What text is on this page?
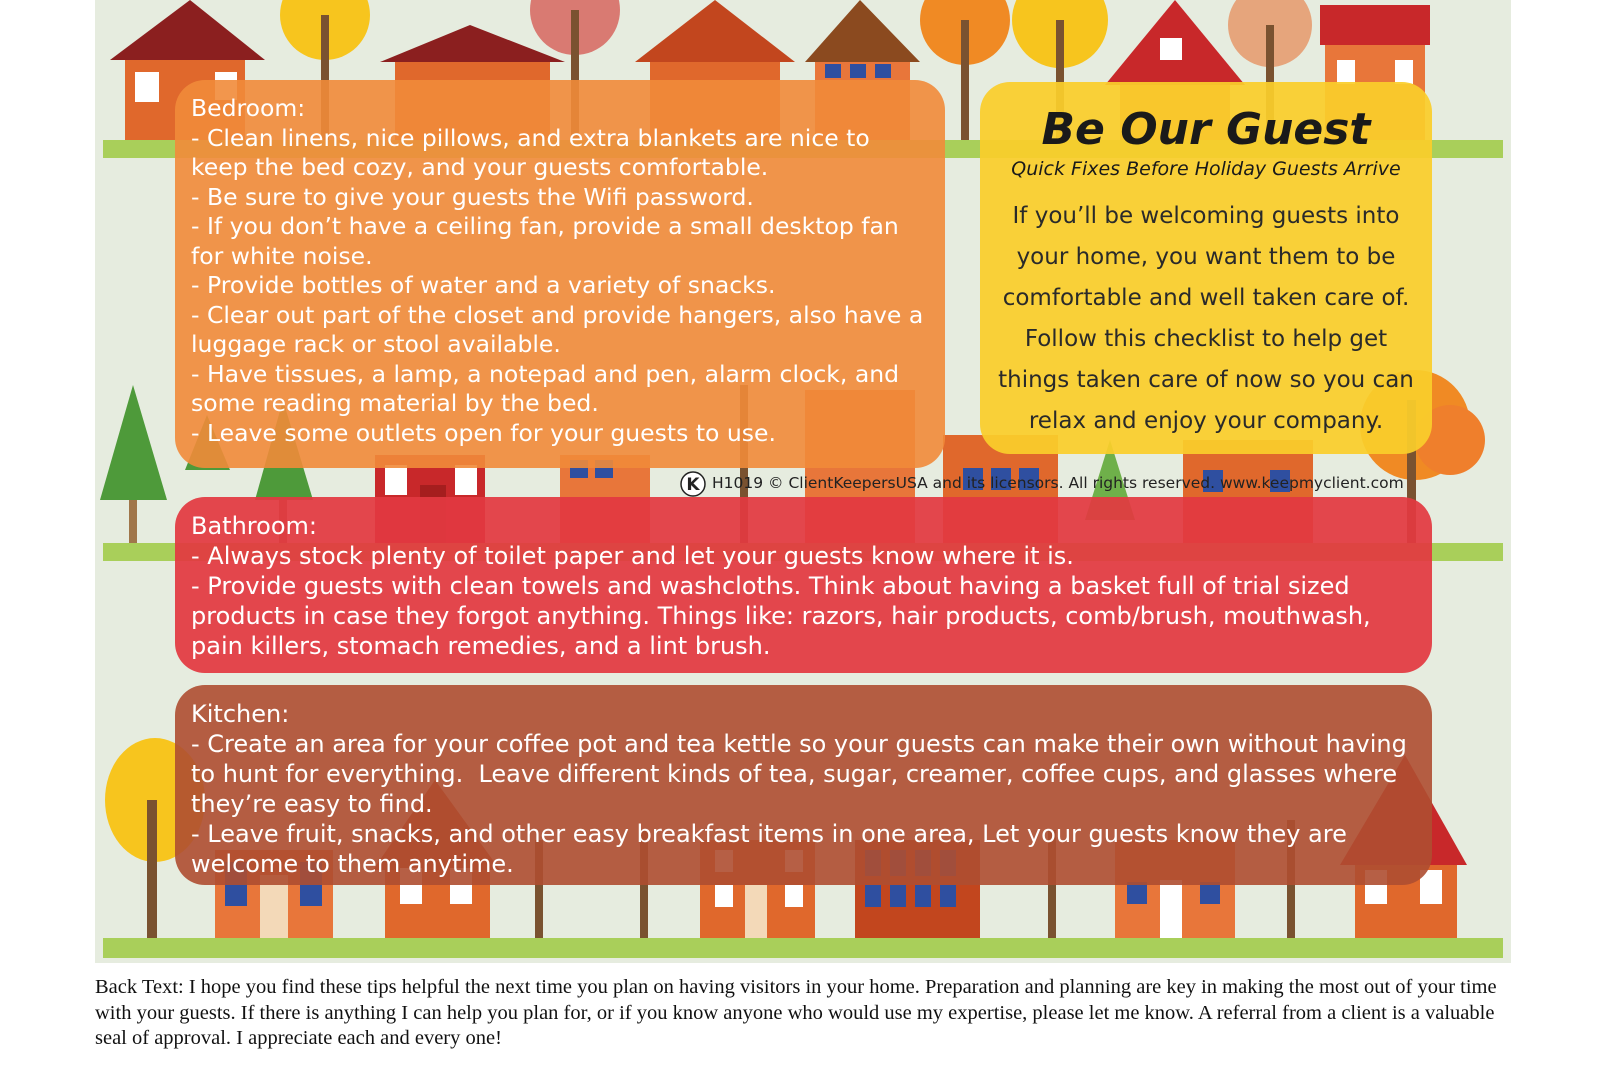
Bedroom:
- Clean linens, nice pillows, and extra blankets are nice to keep the bed cozy, and your guests comfortable.
- Be sure to give your guests the Wifi password.
- If you don’t have a ceiling fan, provide a small desktop fan for white noise.
- Provide bottles of water and a variety of snacks.
- Clear out part of the closet and provide hangers, also have a luggage rack or stool available.
- Have tissues, a lamp, a notepad and pen, alarm clock, and some reading material by the bed.
- Leave some outlets open for your guests to use.
Be Our Guest
Quick Fixes Before Holiday Guests Arrive
If you’ll be welcoming guests into your home, you want them to be comfortable and well taken care of. Follow this checklist to help get things taken care of now so you can relax and enjoy your company.
K H1019 © ClientKeepersUSA and its licensors. All rights reserved. www.keepmyclient.com
Bathroom:
- Always stock plenty of toilet paper and let your guests know where it is.
- Provide guests with clean towels and washcloths. Think about having a basket full of trial sized products in case they forgot anything. Things like: razors, hair products, comb/brush, mouthwash, pain killers, stomach remedies, and a lint brush.
Kitchen:
- Create an area for your coffee pot and tea kettle so your guests can make their own without having to hunt for everything.  Leave different kinds of tea, sugar, creamer, coffee cups, and glasses where they’re easy to find.
- Leave fruit, snacks, and other easy breakfast items in one area, Let your guests know they are welcome to them anytime.
Back Text: I hope you find these tips helpful the next time you plan on having visitors in your home. Preparation and planning are key in making the most out of your time with your guests. If there is anything I can help you plan for, or if you know anyone who would use my expertise, please let me know. A referral from a client is a valuable seal of approval. I appreciate each and every one!
